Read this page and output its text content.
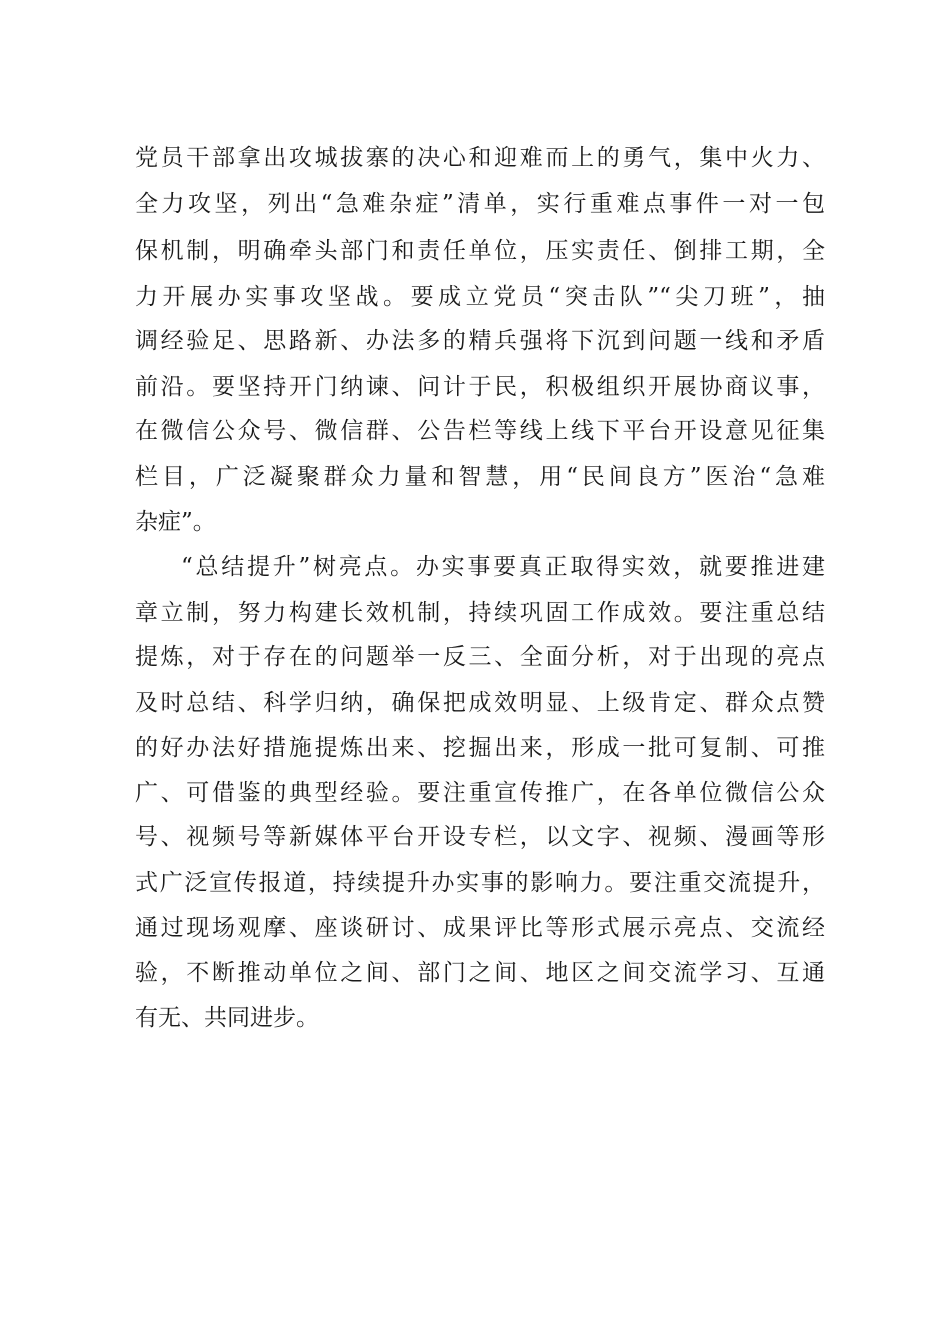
党员干部拿出攻城拔寨的决心和迎难而上的勇气，集中火力、
全力攻坚，列出“急难杂症”清单，实行重难点事件一对一包
保机制，明确牵头部门和责任单位，压实责任、倒排工期，全
力开展办实事攻坚战。要成立党员“突击队”“尖刀班”，抽
调经验足、思路新、办法多的精兵强将下沉到问题一线和矛盾
前沿。要坚持开门纳谏、问计于民，积极组织开展协商议事，
在微信公众号、微信群、公告栏等线上线下平台开设意见征集
栏目，广泛凝聚群众力量和智慧，用“民间良方”医治“急难
杂症”。
“总结提升”树亮点。办实事要真正取得实效，就要推进建
章立制，努力构建长效机制，持续巩固工作成效。要注重总结
提炼，对于存在的问题举一反三、全面分析，对于出现的亮点
及时总结、科学归纳，确保把成效明显、上级肯定、群众点赞
的好办法好措施提炼出来、挖掘出来，形成一批可复制、可推
广、可借鉴的典型经验。要注重宣传推广，在各单位微信公众
号、视频号等新媒体平台开设专栏，以文字、视频、漫画等形
式广泛宣传报道，持续提升办实事的影响力。要注重交流提升，
通过现场观摩、座谈研讨、成果评比等形式展示亮点、交流经
验，不断推动单位之间、部门之间、地区之间交流学习、互通
有无、共同进步。
